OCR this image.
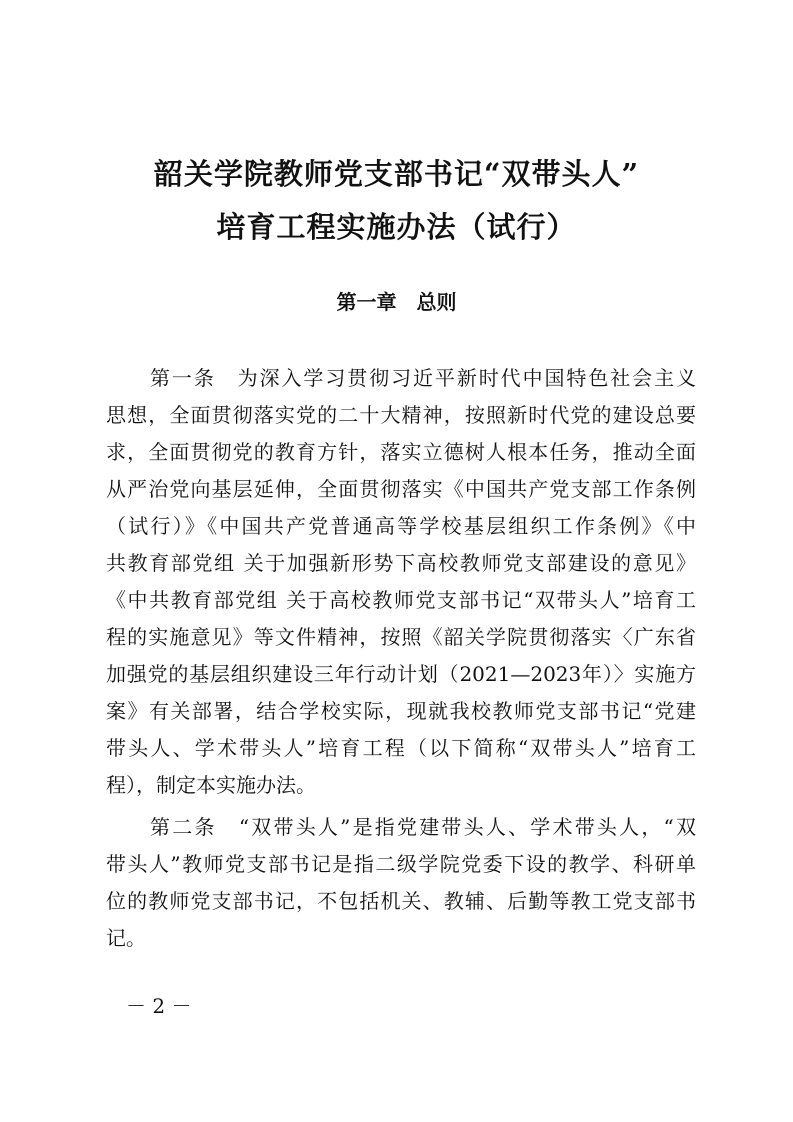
韶关学院教师党支部书记“双带头人”
培育工程实施办法（试行）
第一章　总则
第一条　为深入学习贯彻习近平新时代中国特色社会主义
思想，全面贯彻落实党的二十大精神，按照新时代党的建设总要
求，全面贯彻党的教育方针，落实立德树人根本任务，推动全面
从严治党向基层延伸，全面贯彻落实《中国共产党支部工作条例
（试行）》《中国共产党普通高等学校基层组织工作条例》《中
共教育部党组 关于加强新形势下高校教师党支部建设的意见》
《中共教育部党组 关于高校教师党支部书记“双带头人”培育工
程的实施意见》等文件精神，按照《韶关学院贯彻落实〈广东省
加强党的基层组织建设三年行动计划（2021—2023年）〉实施方
案》有关部署，结合学校实际，现就我校教师党支部书记“党建
带头人、学术带头人”培育工程（以下简称“双带头人”培育工
程），制定本实施办法。
第二条　“双带头人”是指党建带头人、学术带头人，“双
带头人”教师党支部书记是指二级学院党委下设的教学、科研单
位的教师党支部书记，不包括机关、教辅、后勤等教工党支部书
记。
－ 2 －
